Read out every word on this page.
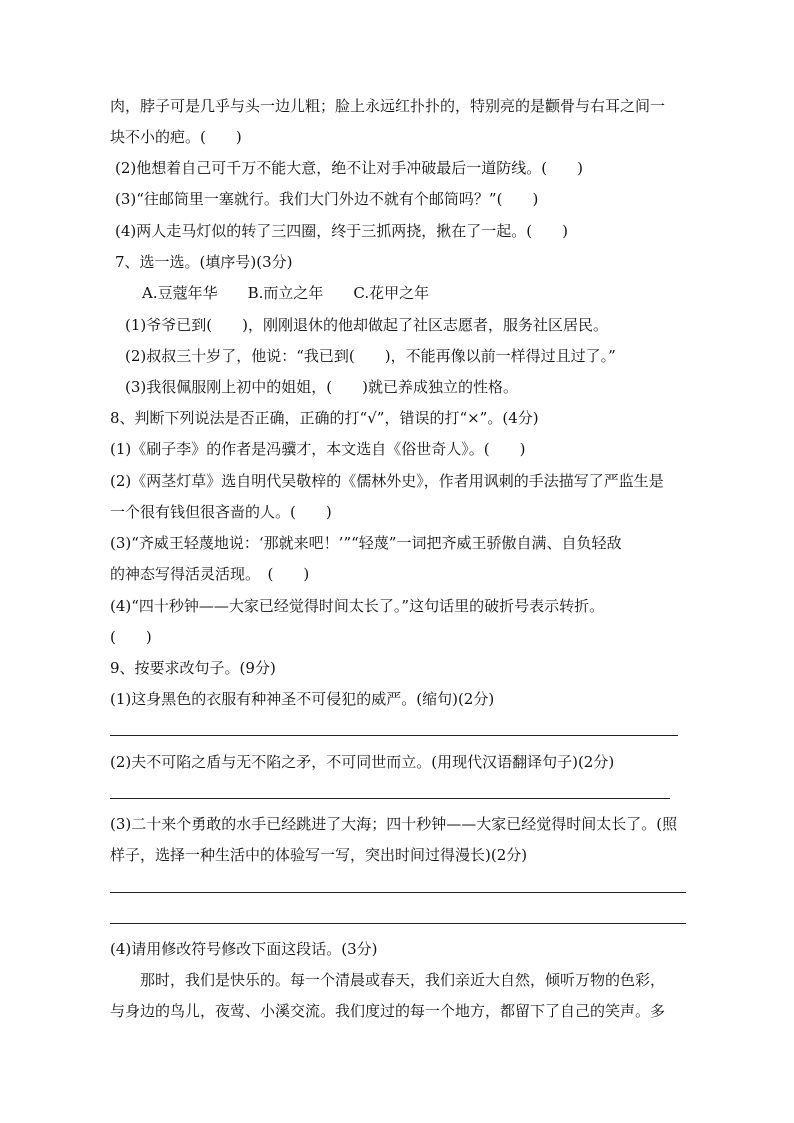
肉，脖子可是几乎与头一边儿粗；脸上永远红扑扑的，特别亮的是颧骨与右耳之间一

块不小的疤。(　　)

(2)他想着自己可千万不能大意，绝不让对手冲破最后一道防线。(　　)

(3)“往邮筒里一塞就行。我们大门外边不就有个邮筒吗？”(　　)

(4)两人走马灯似的转了三四圈，终于三抓两挠，揪在了一起。(　　)

7、选一选。(填序号)(3分)

A.豆蔻年华　　B.而立之年　　C.花甲之年

(1)爷爷已到(　　)，刚刚退休的他却做起了社区志愿者，服务社区居民。

(2)叔叔三十岁了，他说：“我已到(　　)，不能再像以前一样得过且过了。”

(3)我很佩服刚上初中的姐姐，(　　)就已养成独立的性格。

8、判断下列说法是否正确，正确的打“√”，错误的打“×”。(4分)

(1)《刷子李》的作者是冯骥才，本文选自《俗世奇人》。(　　)

(2)《两茎灯草》选自明代吴敬梓的《儒林外史》，作者用讽刺的手法描写了严监生是

一个很有钱但很吝啬的人。(　　)

(3)“齐威王轻蔑地说：‘那就来吧！’”“轻蔑”一词把齐威王骄傲自满、自负轻敌

的神态写得活灵活现。　(　　)

(4)“四十秒钟——大家已经觉得时间太长了。”这句话里的破折号表示转折。

(　　)

9、按要求改句子。(9分)

(1)这身黑色的衣服有种神圣不可侵犯的威严。(缩句)(2分)

(2)夫不可陷之盾与无不陷之矛，不可同世而立。(用现代汉语翻译句子)(2分)

(3)二十来个勇敢的水手已经跳进了大海；四十秒钟——大家已经觉得时间太长了。(照

样子，选择一种生活中的体验写一写，突出时间过得漫长)(2分)

(4)请用修改符号修改下面这段话。(3分)

那时，我们是快乐的。每一个清晨或春天，我们亲近大自然，倾听万物的色彩，

与身边的鸟儿，夜莺、小溪交流。我们度过的每一个地方，都留下了自己的笑声。多
